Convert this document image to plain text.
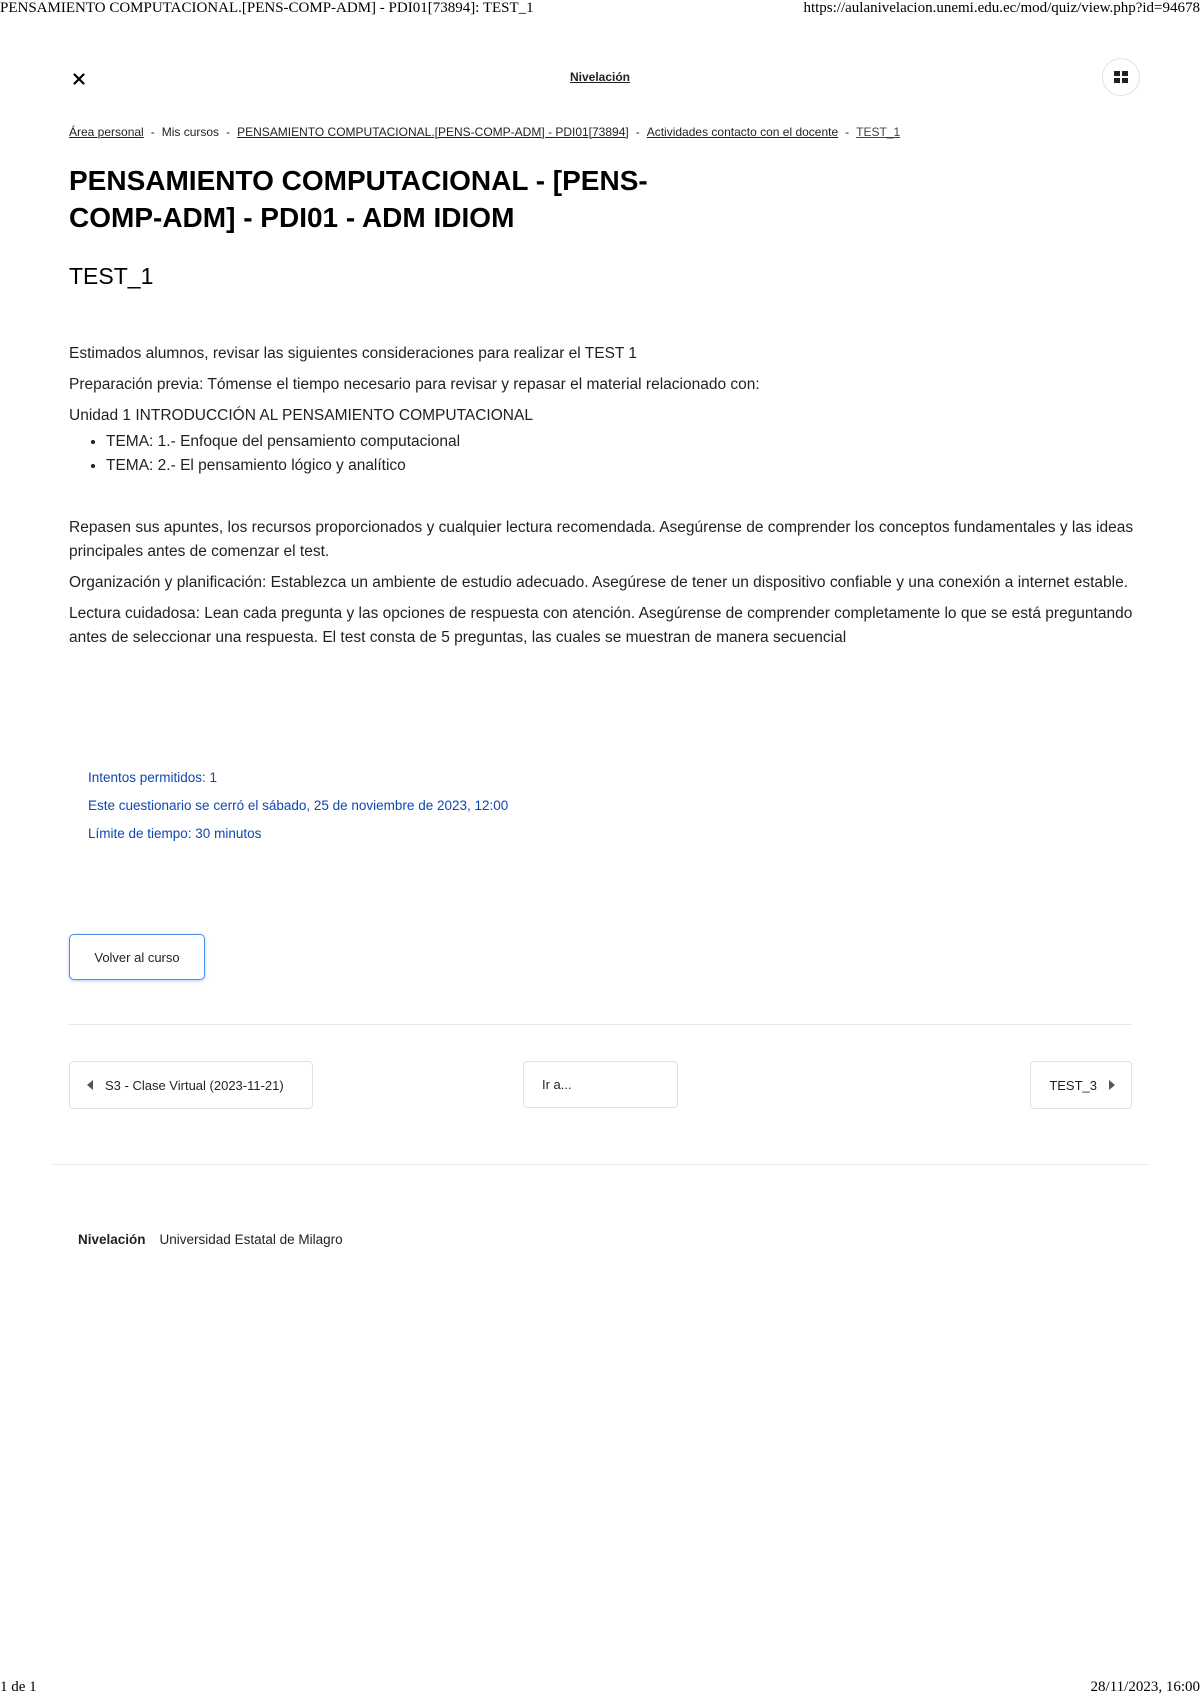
PENSAMIENTO COMPUTACIONAL.[PENS-COMP-ADM] - PDI01[73894]: TEST_1	https://aulanivelacion.unemi.edu.ec/mod/quiz/view.php?id=94678
1 de 1	28/11/2023, 16:00
Nivelación
Área personal - Mis cursos - PENSAMIENTO COMPUTACIONAL.[PENS-COMP-ADM] - PDI01[73894] - Actividades contacto con el docente - TEST_1
PENSAMIENTO COMPUTACIONAL - [PENS-COMP-ADM] - PDI01 - ADM IDIOM
TEST_1

Estimados alumnos, revisar las siguientes consideraciones para realizar el TEST 1

Preparación previa: Tómense el tiempo necesario para revisar y repasar el material relacionado con:

Unidad 1 INTRODUCCIÓN AL PENSAMIENTO COMPUTACIONAL

• TEMA: 1.- Enfoque del pensamiento computacional
• TEMA: 2.- El pensamiento lógico y analítico

Repasen sus apuntes, los recursos proporcionados y cualquier lectura recomendada. Asegúrense de comprender los conceptos fundamentales y las ideas principales antes de comenzar el test.

Organización y planificación: Establezca un ambiente de estudio adecuado. Asegúrese de tener un dispositivo confiable y una conexión a internet estable.

Lectura cuidadosa: Lean cada pregunta y las opciones de respuesta con atención. Asegúrense de comprender completamente lo que se está preguntando antes de seleccionar una respuesta. El test consta de 5 preguntas, las cuales se muestran de manera secuencial

Intentos permitidos: 1
Este cuestionario se cerró el sábado, 25 de noviembre de 2023, 12:00
Límite de tiempo: 30 minutos
Volver al curso
S3 - Clase Virtual (2023-11-21)	Ir a...	TEST_3
Nivelación Universidad Estatal de Milagro
